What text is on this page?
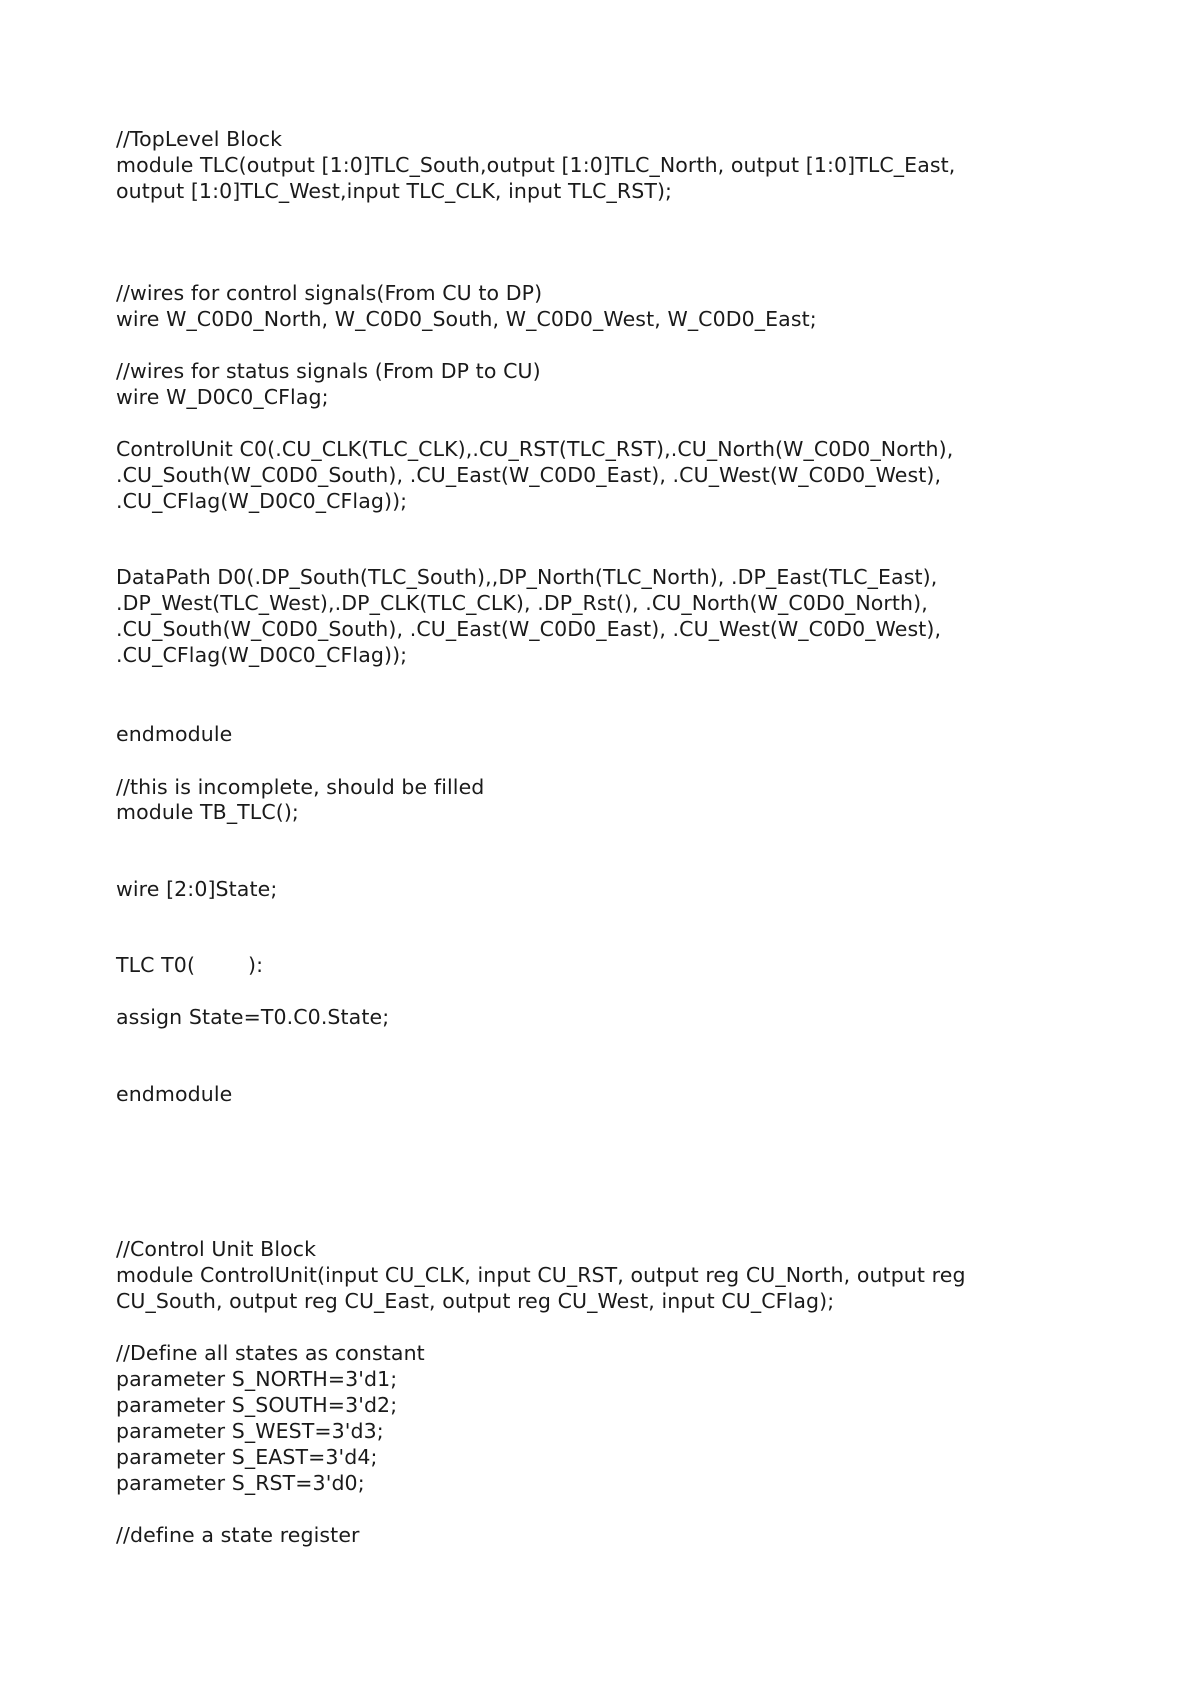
//TopLevel Block
module TLC(output [1:0]TLC_South,output [1:0]TLC_North, output [1:0]TLC_East,
output [1:0]TLC_West,input TLC_CLK, input TLC_RST);
//wires for control signals(From CU to DP)
wire W_C0D0_North, W_C0D0_South, W_C0D0_West, W_C0D0_East;
//wires for status signals (From DP to CU)
wire W_D0C0_CFlag;
ControlUnit C0(.CU_CLK(TLC_CLK),.CU_RST(TLC_RST),.CU_North(W_C0D0_North),
.CU_South(W_C0D0_South), .CU_East(W_C0D0_East), .CU_West(W_C0D0_West),
.CU_CFlag(W_D0C0_CFlag));
DataPath D0(.DP_South(TLC_South),,DP_North(TLC_North), .DP_East(TLC_East),
.DP_West(TLC_West),.DP_CLK(TLC_CLK), .DP_Rst(), .CU_North(W_C0D0_North),
.CU_South(W_C0D0_South), .CU_East(W_C0D0_East), .CU_West(W_C0D0_West),
.CU_CFlag(W_D0C0_CFlag));
endmodule
//this is incomplete, should be filled
module TB_TLC();
wire [2:0]State;
TLC T0(        ):
assign State=T0.C0.State;
endmodule
//Control Unit Block
module ControlUnit(input CU_CLK, input CU_RST, output reg CU_North, output reg
CU_South, output reg CU_East, output reg CU_West, input CU_CFlag);
//Define all states as constant
parameter S_NORTH=3'd1;
parameter S_SOUTH=3'd2;
parameter S_WEST=3'd3;
parameter S_EAST=3'd4;
parameter S_RST=3'd0;
//define a state register
